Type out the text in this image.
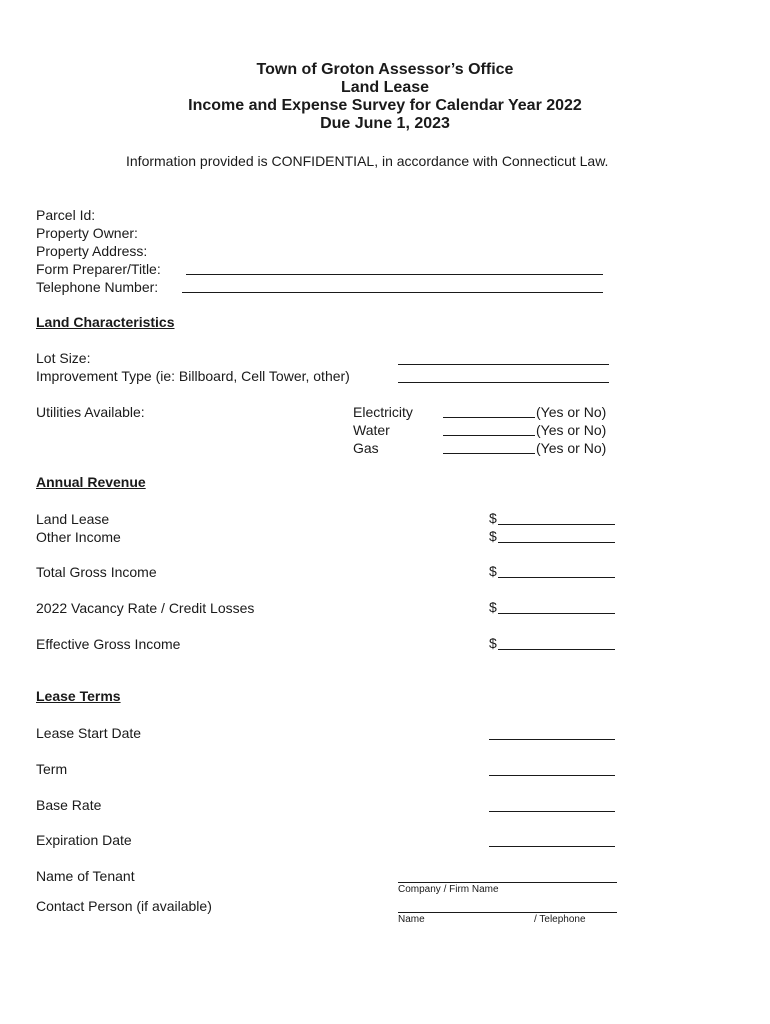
Town of Groton Assessor’s Office
Land Lease
Income and Expense Survey for Calendar Year 2022
Due June 1, 2023
Information provided is CONFIDENTIAL, in accordance with Connecticut Law.
Parcel Id:
Property Owner:
Property Address:
Form Preparer/Title:
Telephone Number:
Land Characteristics
Lot Size:
Improvement Type (ie: Billboard, Cell Tower, other)
Utilities Available:	Electricity	(Yes or No)
Water	(Yes or No)
Gas	(Yes or No)
Annual Revenue
Land Lease	$
Other Income	$
Total Gross Income	$
2022 Vacancy Rate / Credit Losses	$
Effective Gross Income	$
Lease Terms
Lease Start Date
Term
Base Rate
Expiration Date
Name of Tenant
Company / Firm Name
Contact Person (if available)
Name	/ Telephone
